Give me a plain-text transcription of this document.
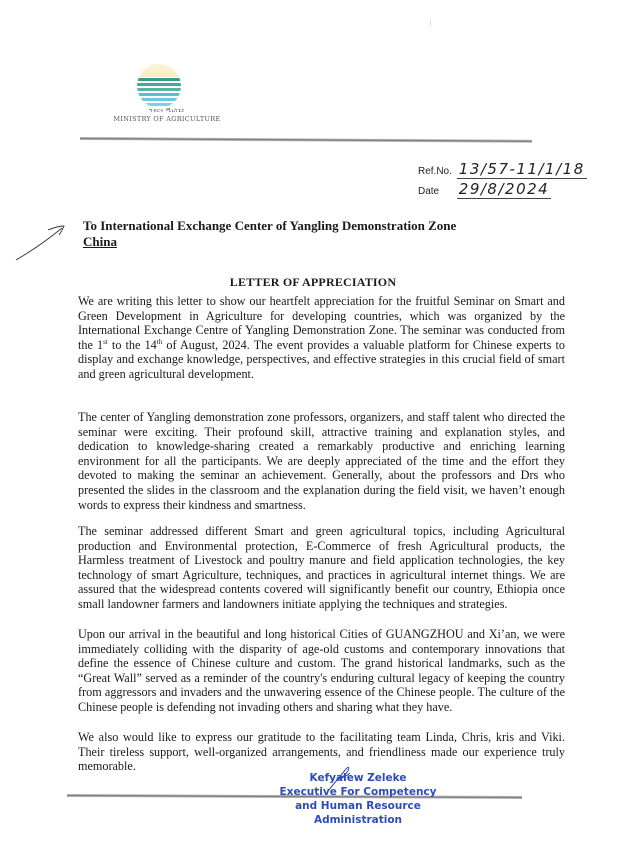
ግብርና ሚኒስቴር
MINISTRY OF AGRICULTURE
Ref.No. 13/57-11/1/18
Date 29/8/2024
To International Exchange Center of Yangling Demonstration Zone
China
LETTER OF APPRECIATION
We are writing this letter to show our heartfelt appreciation for the fruitful Seminar on Smart and Green Development in Agriculture for developing countries, which was organized by the International Exchange Centre of Yangling Demonstration Zone. The seminar was conducted from the 1st to the 14th of August, 2024. The event provides a valuable platform for Chinese experts to display and exchange knowledge, perspectives, and effective strategies in this crucial field of smart and green agricultural development.
The center of Yangling demonstration zone professors, organizers, and staff talent who directed the seminar were exciting. Their profound skill, attractive training and explanation styles, and dedication to knowledge-sharing created a remarkably productive and enriching learning environment for all the participants. We are deeply appreciated of the time and the effort they devoted to making the seminar an achievement. Generally, about the professors and Drs who presented the slides in the classroom and the explanation during the field visit, we haven’t enough words to express their kindness and smartness.
The seminar addressed different Smart and green agricultural topics, including Agricultural production and Environmental protection, E-Commerce of fresh Agricultural products, the Harmless treatment of Livestock and poultry manure and field application technologies, the key technology of smart Agriculture, techniques, and practices in agricultural internet things. We are assured that the widespread contents covered will significantly benefit our country, Ethiopia once small landowner farmers and landowners initiate applying the techniques and strategies.
Upon our arrival in the beautiful and long historical Cities of GUANGZHOU and Xi’an, we were immediately colliding with the disparity of age-old customs and contemporary innovations that define the essence of Chinese culture and custom. The grand historical landmarks, such as the “Great Wall” served as a reminder of the country's enduring cultural legacy of keeping the country from aggressors and invaders and the unwavering essence of the Chinese people. The culture of the Chinese people is defending not invading others and sharing what they have.
We also would like to express our gratitude to the facilitating team Linda, Chris, kris and Viki. Their tireless support, well-organized arrangements, and friendliness made our experience truly memorable.
Kefyalew Zeleke
Executive For Competency
and Human Resource
Administration
